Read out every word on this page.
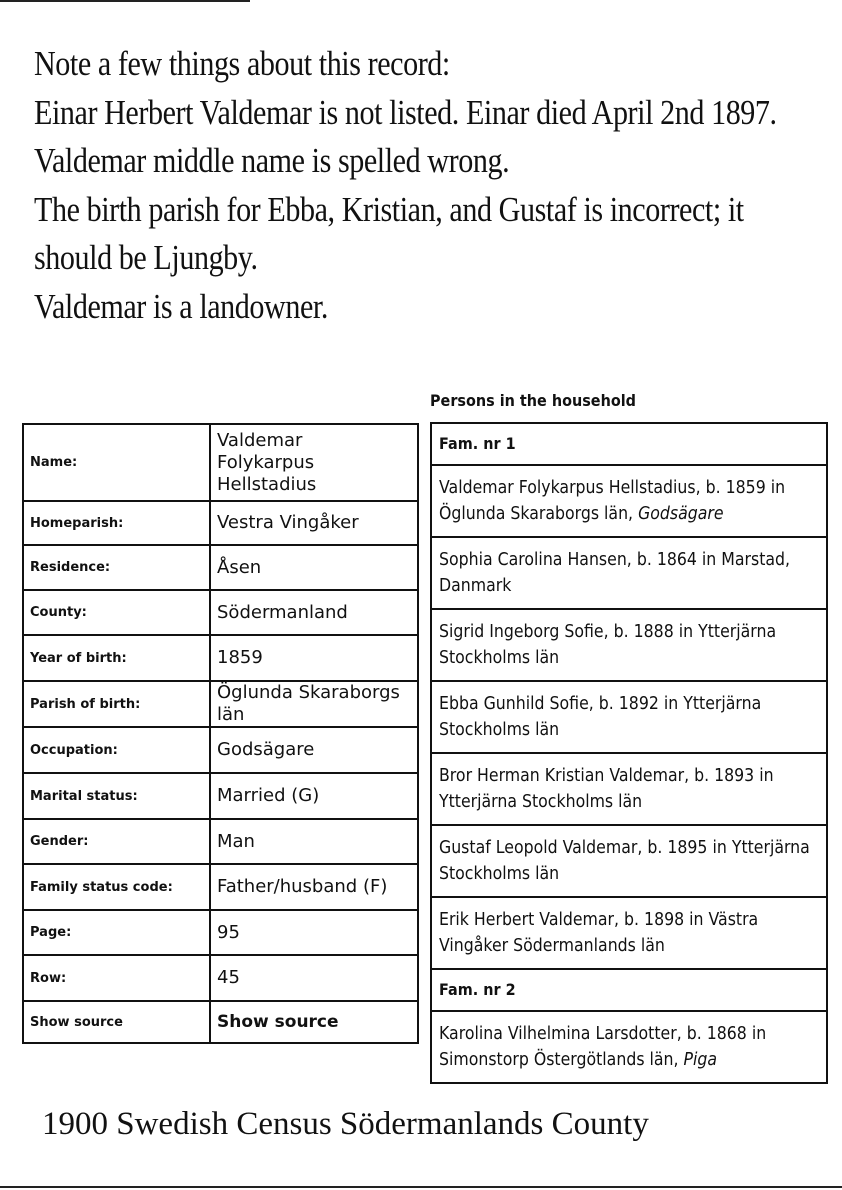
Note a few things about this record:
Einar Herbert Valdemar is not listed. Einar died April 2nd 1897.
Valdemar middle name is spelled wrong.
The birth parish for Ebba, Kristian, and Gustaf is incorrect; it
should be Ljungby.
Valdemar is a landowner.
Name:	Valdemar
Folykarpus Hellstadius
Homeparish:	Vestra Vingåker
Residence:	Åsen
County:	Södermanland
Year of birth:	1859
Parish of birth:	Öglunda Skaraborgs län
Occupation:	Godsägare
Marital status:	Married (G)
Gender:	Man
Family status code:	Father/husband (F)
Page:	95
Row:	45
Show source	Show source
Persons in the household
Fam. nr 1

Valdemar Folykarpus Hellstadius, b. 1859 in Öglunda Skaraborgs län, Godsägare

Sophia Carolina Hansen, b. 1864 in Marstad, Danmark

Sigrid Ingeborg Sofie, b. 1888 in Ytterjärna Stockholms län

Ebba Gunhild Sofie, b. 1892 in Ytterjärna Stockholms län

Bror Herman Kristian Valdemar, b. 1893 in Ytterjärna Stockholms län

Gustaf Leopold Valdemar, b. 1895 in Ytterjärna Stockholms län

Erik Herbert Valdemar, b. 1898 in Västra Vingåker Södermanlands län

Fam. nr 2

Karolina Vilhelmina Larsdotter, b. 1868 in Simonstorp Östergötlands län, Piga
1900 Swedish Census Södermanlands County
